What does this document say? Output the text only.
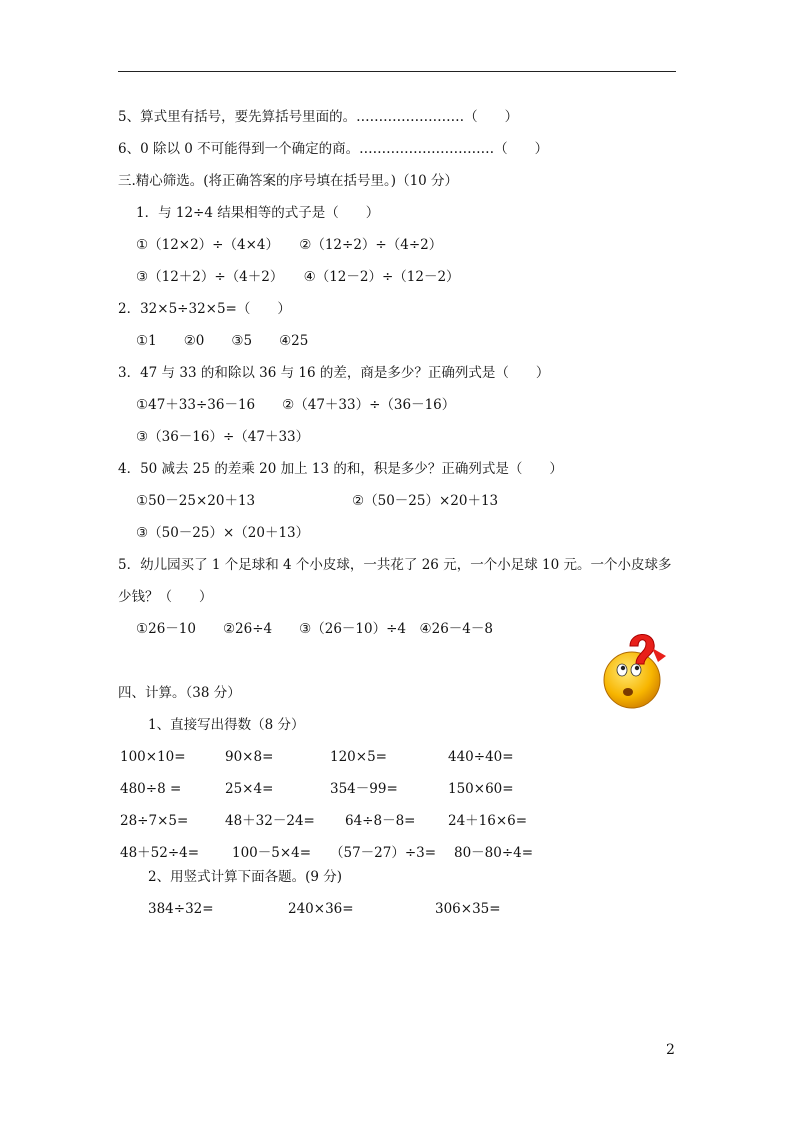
5、算式里有括号，要先算括号里面的。……………………（　　）
6、0 除以 0 不可能得到一个确定的商。…………………………（　　）
三.精心筛选。(将正确答案的序号填在括号里。)（10 分）
1．与 12÷4 结果相等的式子是（　　）
①（12×2）÷（4×4）　　②（12÷2）÷（4÷2）
③（12＋2）÷（4＋2）　　④（12－2）÷（12－2）
2．32×5÷32×5=（　　）
①1　　②0　　③5　　④25
3．47 与 33 的和除以 36 与 16 的差，商是多少？正确列式是（　　）
①47＋33÷36－16　　②（47＋33）÷（36－16）
③（36－16）÷（47＋33）
4．50 减去 25 的差乘 20 加上 13 的和，积是多少？正确列式是（　　）
①50－25×20＋13	②（50－25）×20＋13
③（50－25）×（20＋13）
5．幼儿园买了 1 个足球和 4 个小皮球，一共花了 26 元，一个小足球 10 元。一个小皮球多
少钱？（　　）
①26－10　　②26÷4　　③（26－10）÷4　④26－4－8
四、计算。（38 分）
1、直接写出得数（8 分）
100×10=	90×8=	120×5=	440÷40=
480÷8 =	25×4=	354－99=	150×60=
28÷7×5=	48＋32－24= 64÷8－8= 24＋16×6=
48＋52÷4= 100－5×4= （57－27）÷3= 80－80÷4=
2、用竖式计算下面各题。(9 分)
384÷32=	240×36=	306×35=
2
